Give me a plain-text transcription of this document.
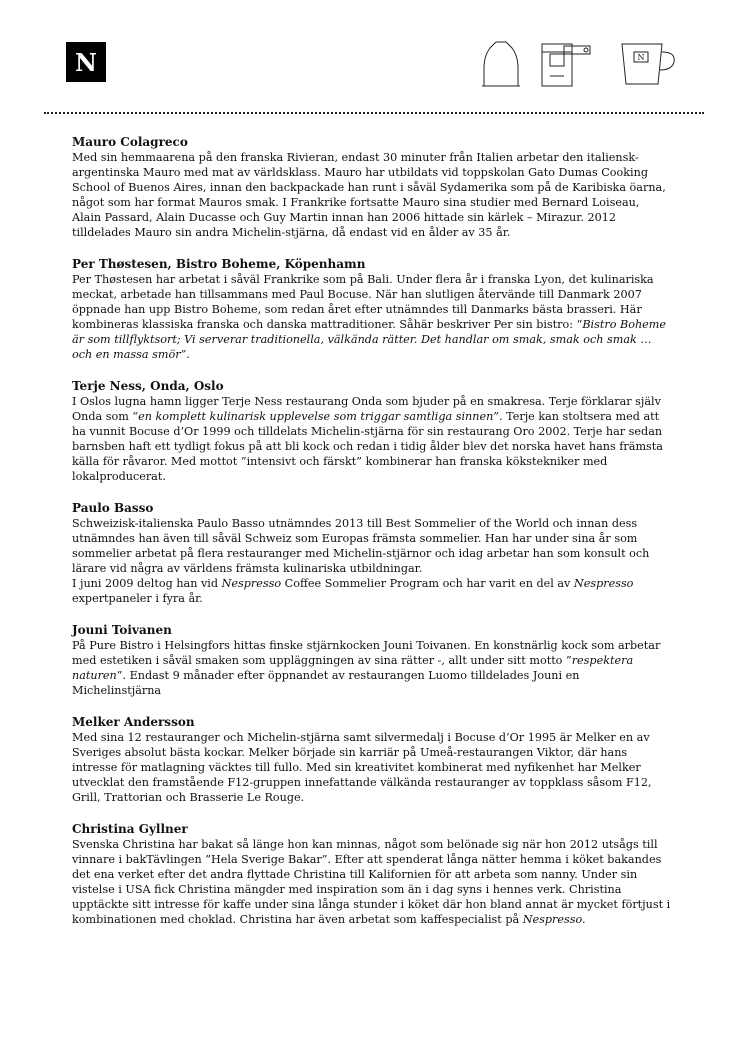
N	N
Mauro Colagreco

Med sin hemmaarena på den franska Rivieran, endast 30 minuter från Italien arbetar den italiensk-argentinska Mauro med mat av världsklass. Mauro har utbildats vid toppskolan Gato Dumas Cooking School of Buenos Aires, innan den backpackade han runt i såväl Sydamerika som på de Karibiska öarna, något som har format Mauros smak. I Frankrike fortsatte Mauro sina studier med Bernard Loiseau, Alain Passard, Alain Ducasse och Guy Martin innan han 2006 hittade sin kärlek – Mirazur. 2012 tilldelades Mauro sin andra Michelin-stjärna, då endast vid en ålder av 35 år.

Per Thøstesen, Bistro Boheme, Köpenhamn

Per Thøstesen har arbetat i såväl Frankrike som på Bali. Under flera år i franska Lyon, det kulinariska meckat, arbetade han tillsammans med Paul Bocuse. När han slutligen återvände till Danmark 2007 öppnade han upp Bistro Boheme, som redan året efter utnämndes till Danmarks bästa brasseri. Här kombineras klassiska franska och danska mattraditioner. Såhär beskriver Per sin bistro: “Bistro Boheme är som tillflyktsort; Vi serverar traditionella, välkända rätter. Det handlar om smak, smak och smak … och en massa smör”.

Terje Ness, Onda, Oslo

I Oslos lugna hamn ligger Terje Ness restaurang Onda som bjuder på en smakresa. Terje förklarar själv Onda som “en komplett kulinarisk upplevelse som triggar samtliga sinnen”. Terje kan stoltsera med att ha vunnit Bocuse d’Or 1999 och tilldelats Michelin-stjärna för sin restaurang Oro 2002. Terje har sedan barnsben haft ett tydligt fokus på att bli kock och redan i tidig ålder blev det norska havet hans främsta källa för råvaror. Med mottot ”intensivt och färskt” kombinerar han franska kökstekniker med lokalproducerat.

Paulo Basso

Schweizisk-italienska Paulo Basso utnämndes 2013 till Best Sommelier of the World och innan dess utnämndes han även till såväl Schweiz som Europas främsta sommelier. Han har under sina år som sommelier arbetat på flera restauranger med Michelin-stjärnor och idag arbetar han som konsult och lärare vid några av världens främsta kulinariska utbildningar.

I juni 2009 deltog han vid Nespresso Coffee Sommelier Program och har varit en del av Nespresso expertpaneler i fyra år.

Jouni Toivanen

På Pure Bistro i Helsingfors hittas finske stjärnkocken Jouni Toivanen. En konstnärlig kock som arbetar med estetiken i såväl smaken som uppläggningen av sina rätter -, allt under sitt motto ”respektera naturen”. Endast 9 månader efter öppnandet av restaurangen Luomo tilldelades Jouni en Michelinstjärna

Melker Andersson

Med sina 12 restauranger och Michelin-stjärna samt silvermedalj i Bocuse d’Or 1995 är Melker en av Sveriges absolut bästa kockar. Melker började sin karriär på Umeå-restaurangen Viktor, där hans intresse för matlagning väcktes till fullo. Med sin kreativitet kombinerat med nyfikenhet har Melker utvecklat den framstående F12-gruppen innefattande välkända restauranger av toppklass såsom F12, Grill, Trattorian och Brasserie Le Rouge.

Christina Gyllner

Svenska Christina har bakat så länge hon kan minnas, något som belönade sig när hon 2012 utsågs till vinnare i bakTävlingen ”Hela Sverige Bakar”. Efter att spenderat långa nätter hemma i köket bakandes det ena verket efter det andra flyttade Christina till Kalifornien för att arbeta som nanny. Under sin vistelse i USA fick Christina mängder med inspiration som än i dag syns i hennes verk. Christina upptäckte sitt intresse för kaffe under sina långa stunder i köket där hon bland annat är mycket förtjust i kombinationen med choklad. Christina har även arbetat som kaffespecialist på Nespresso.
